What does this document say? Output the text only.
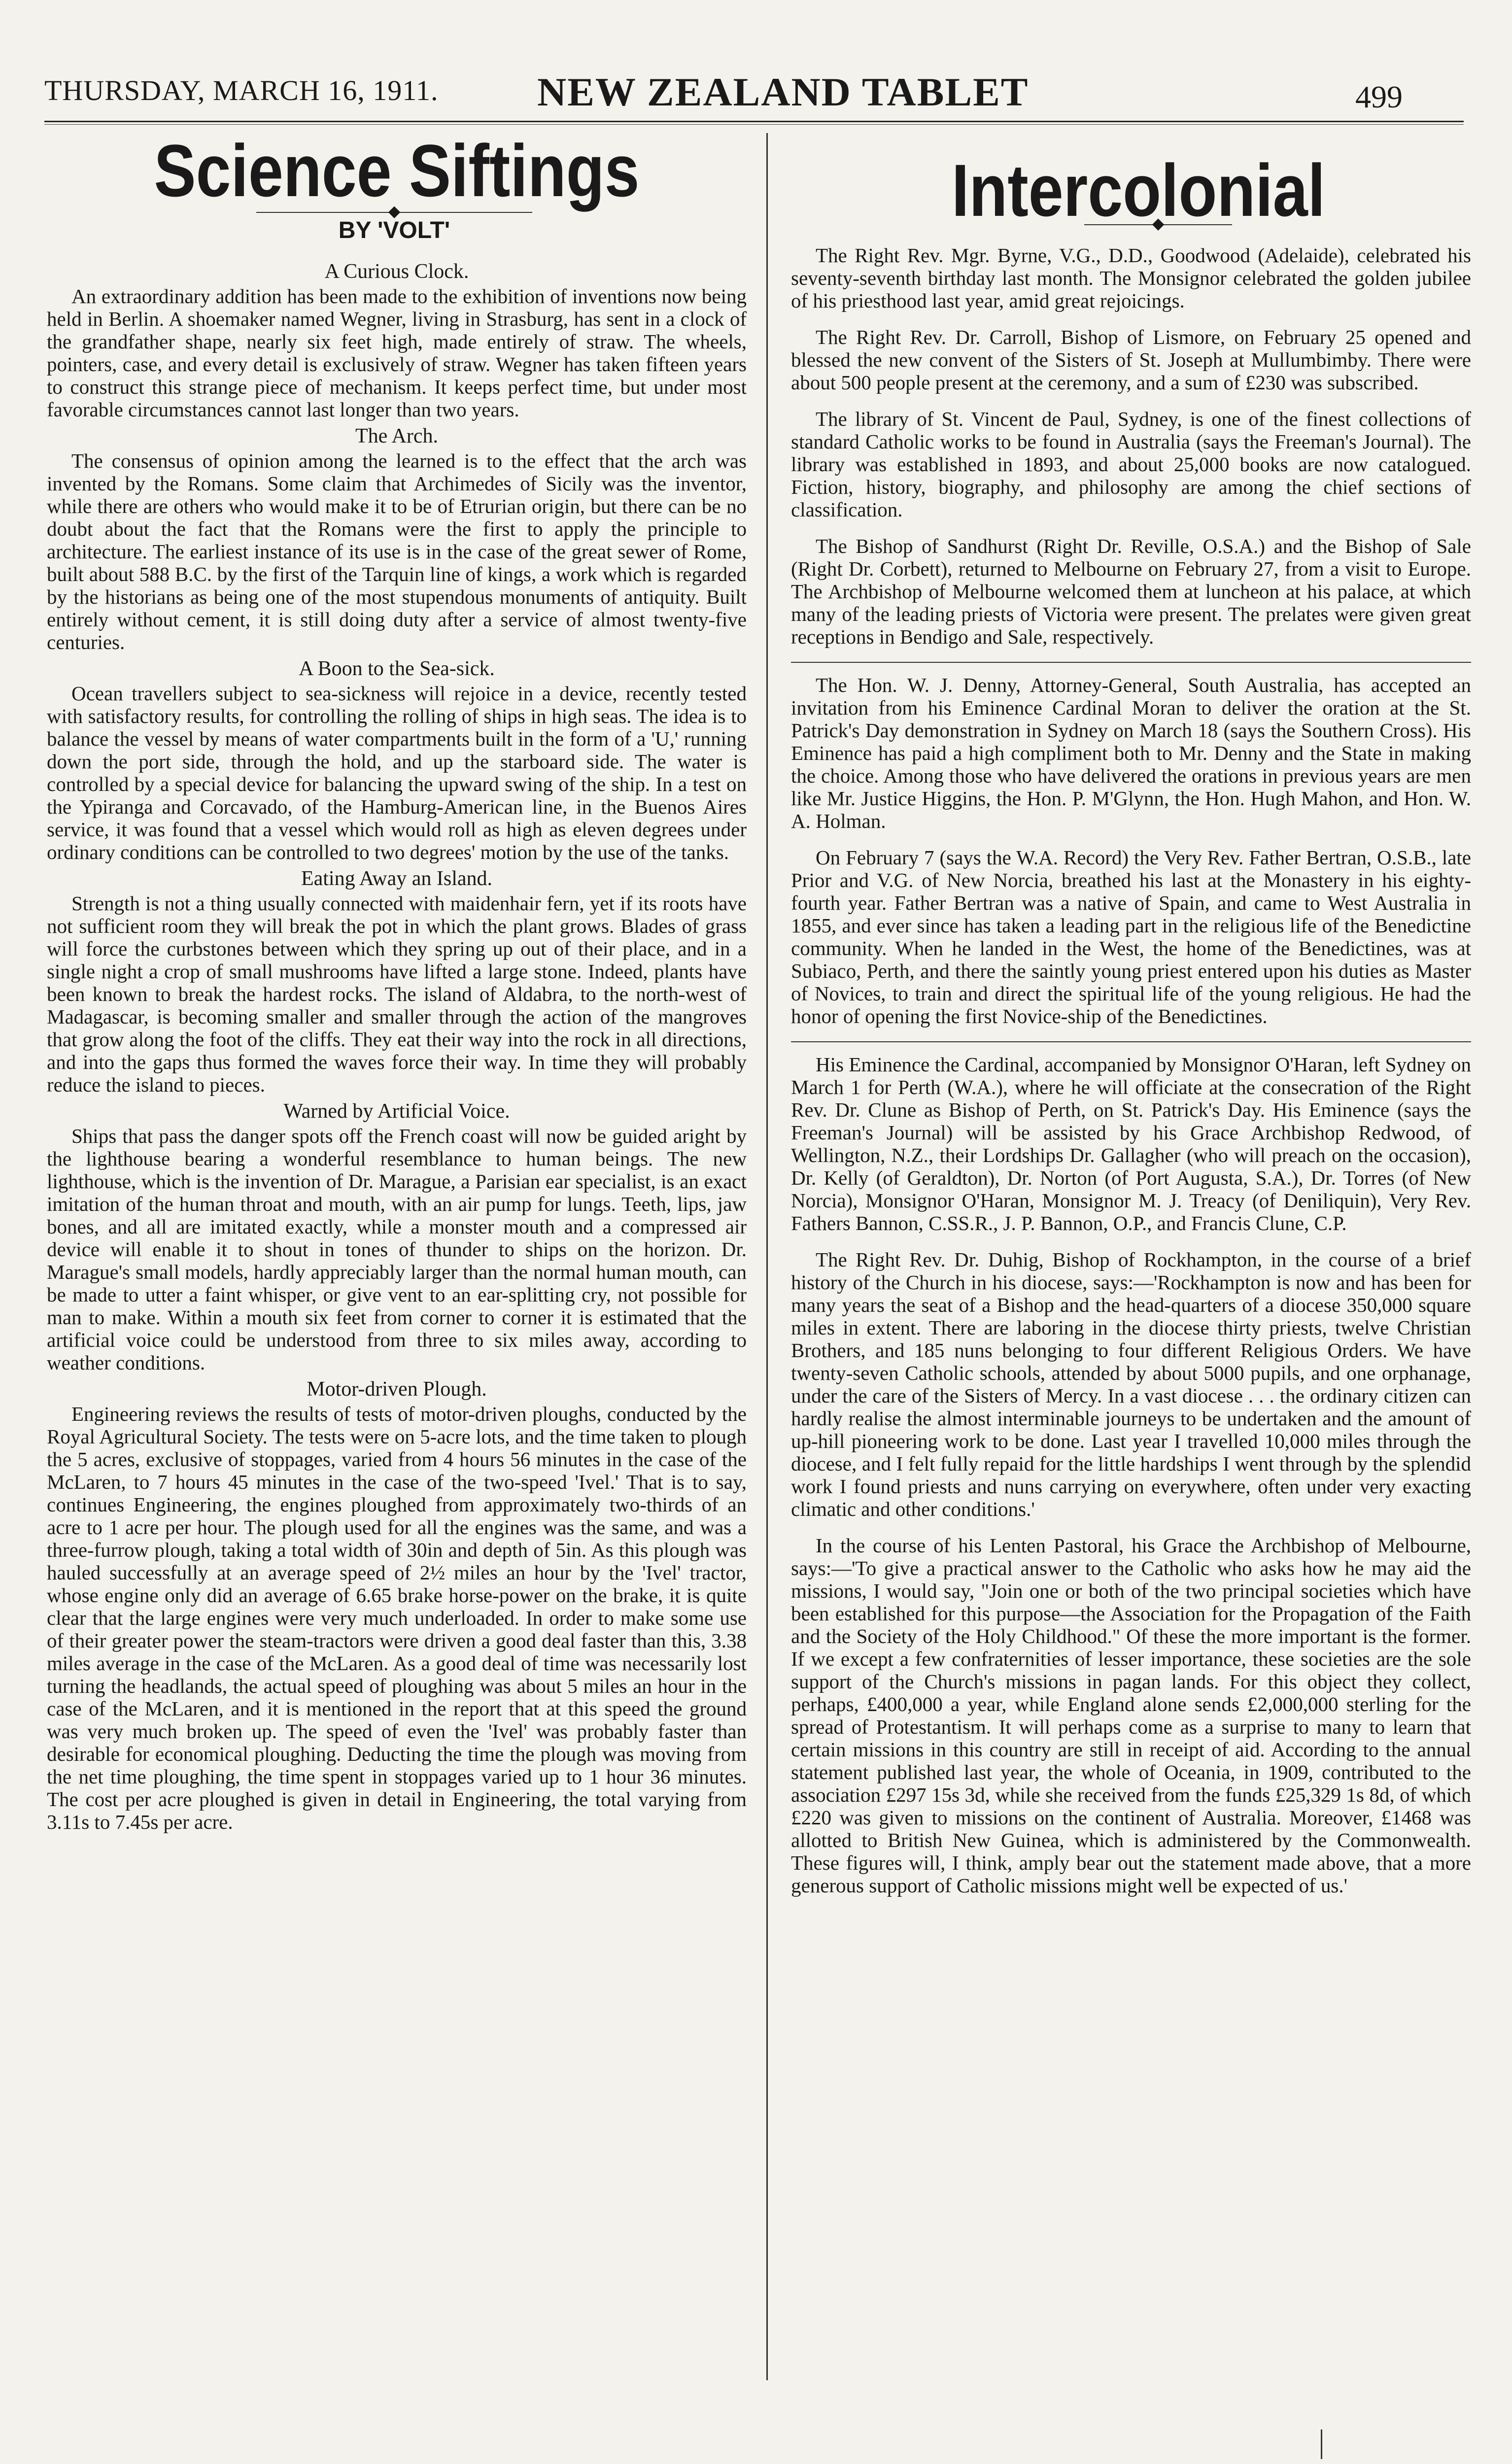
THURSDAY, MARCH 16, 1911. NEW ZEALAND TABLET	499
Science Siftings
◆
BY 'VOLT'

A Curious Clock.

An extraordinary addition has been made to the exhibition of inventions now being held in Berlin. A shoemaker named Wegner, living in Strasburg, has sent in a clock of the grandfather shape, nearly six feet high, made entirely of straw. The wheels, pointers, case, and every detail is exclusively of straw. Wegner has taken fifteen years to construct this strange piece of mechanism. It keeps perfect time, but under most favorable circumstances cannot last longer than two years.

The Arch.

The consensus of opinion among the learned is to the effect that the arch was invented by the Romans. Some claim that Archimedes of Sicily was the inventor, while there are others who would make it to be of Etrurian origin, but there can be no doubt about the fact that the Romans were the first to apply the principle to architecture. The earliest instance of its use is in the case of the great sewer of Rome, built about 588 B.C. by the first of the Tarquin line of kings, a work which is regarded by the historians as being one of the most stupendous monuments of antiquity. Built entirely without cement, it is still doing duty after a service of almost twenty-five centuries.

A Boon to the Sea-sick.

Ocean travellers subject to sea-sickness will rejoice in a device, recently tested with satisfactory results, for controlling the rolling of ships in high seas. The idea is to balance the vessel by means of water compartments built in the form of a 'U,' running down the port side, through the hold, and up the starboard side. The water is controlled by a special device for balancing the upward swing of the ship. In a test on the Ypiranga and Corcavado, of the Hamburg-American line, in the Buenos Aires service, it was found that a vessel which would roll as high as eleven degrees under ordinary conditions can be controlled to two degrees' motion by the use of the tanks.

Eating Away an Island.

Strength is not a thing usually connected with maidenhair fern, yet if its roots have not sufficient room they will break the pot in which the plant grows. Blades of grass will force the curbstones between which they spring up out of their place, and in a single night a crop of small mushrooms have lifted a large stone. Indeed, plants have been known to break the hardest rocks. The island of Aldabra, to the north-west of Madagascar, is becoming smaller and smaller through the action of the mangroves that grow along the foot of the cliffs. They eat their way into the rock in all directions, and into the gaps thus formed the waves force their way. In time they will probably reduce the island to pieces.

Warned by Artificial Voice.

Ships that pass the danger spots off the French coast will now be guided aright by the lighthouse bearing a wonderful resemblance to human beings. The new lighthouse, which is the invention of Dr. Marague, a Parisian ear specialist, is an exact imitation of the human throat and mouth, with an air pump for lungs. Teeth, lips, jaw bones, and all are imitated exactly, while a monster mouth and a compressed air device will enable it to shout in tones of thunder to ships on the horizon. Dr. Marague's small models, hardly appreciably larger than the normal human mouth, can be made to utter a faint whisper, or give vent to an ear-splitting cry, not possible for man to make. Within a mouth six feet from corner to corner it is estimated that the artificial voice could be understood from three to six miles away, according to weather conditions.

Motor-driven Plough.

Engineering reviews the results of tests of motor-driven ploughs, conducted by the Royal Agricultural Society. The tests were on 5-acre lots, and the time taken to plough the 5 acres, exclusive of stoppages, varied from 4 hours 56 minutes in the case of the McLaren, to 7 hours 45 minutes in the case of the two-speed 'Ivel.' That is to say, continues Engineering, the engines ploughed from approximately two-thirds of an acre to 1 acre per hour. The plough used for all the engines was the same, and was a three-furrow plough, taking a total width of 30in and depth of 5in. As this plough was hauled successfully at an average speed of 2½ miles an hour by the 'Ivel' tractor, whose engine only did an average of 6.65 brake horse-power on the brake, it is quite clear that the large engines were very much underloaded. In order to make some use of their greater power the steam-tractors were driven a good deal faster than this, 3.38 miles average in the case of the McLaren. As a good deal of time was necessarily lost turning the headlands, the actual speed of ploughing was about 5 miles an hour in the case of the McLaren, and it is mentioned in the report that at this speed the ground was very much broken up. The speed of even the 'Ivel' was probably faster than desirable for economical ploughing. Deducting the time the plough was moving from the net time ploughing, the time spent in stoppages varied up to 1 hour 36 minutes. The cost per acre ploughed is given in detail in Engineering, the total varying from 3.11s to 7.45s per acre.

Intercolonial
◆

The Right Rev. Mgr. Byrne, V.G., D.D., Goodwood (Adelaide), celebrated his seventy-seventh birthday last month. The Monsignor celebrated the golden jubilee of his priesthood last year, amid great rejoicings.

The Right Rev. Dr. Carroll, Bishop of Lismore, on February 25 opened and blessed the new convent of the Sisters of St. Joseph at Mullumbimby. There were about 500 people present at the ceremony, and a sum of £230 was subscribed.

The library of St. Vincent de Paul, Sydney, is one of the finest collections of standard Catholic works to be found in Australia (says the Freeman's Journal). The library was established in 1893, and about 25,000 books are now catalogued. Fiction, history, biography, and philosophy are among the chief sections of classification.

The Bishop of Sandhurst (Right Dr. Reville, O.S.A.) and the Bishop of Sale (Right Dr. Corbett), returned to Melbourne on February 27, from a visit to Europe. The Archbishop of Melbourne welcomed them at luncheon at his palace, at which many of the leading priests of Victoria were present. The prelates were given great receptions in Bendigo and Sale, respectively.

The Hon. W. J. Denny, Attorney-General, South Australia, has accepted an invitation from his Eminence Cardinal Moran to deliver the oration at the St. Patrick's Day demonstration in Sydney on March 18 (says the Southern Cross). His Eminence has paid a high compliment both to Mr. Denny and the State in making the choice. Among those who have delivered the orations in previous years are men like Mr. Justice Higgins, the Hon. P. M'Glynn, the Hon. Hugh Mahon, and Hon. W. A. Holman.

On February 7 (says the W.A. Record) the Very Rev. Father Bertran, O.S.B., late Prior and V.G. of New Norcia, breathed his last at the Monastery in his eighty-fourth year. Father Bertran was a native of Spain, and came to West Australia in 1855, and ever since has taken a leading part in the religious life of the Benedictine community. When he landed in the West, the home of the Benedictines, was at Subiaco, Perth, and there the saintly young priest entered upon his duties as Master of Novices, to train and direct the spiritual life of the young religious. He had the honor of opening the first Novice-ship of the Benedictines.

His Eminence the Cardinal, accompanied by Monsignor O'Haran, left Sydney on March 1 for Perth (W.A.), where he will officiate at the consecration of the Right Rev. Dr. Clune as Bishop of Perth, on St. Patrick's Day. His Eminence (says the Freeman's Journal) will be assisted by his Grace Archbishop Redwood, of Wellington, N.Z., their Lordships Dr. Gallagher (who will preach on the occasion), Dr. Kelly (of Geraldton), Dr. Norton (of Port Augusta, S.A.), Dr. Torres (of New Norcia), Monsignor O'Haran, Monsignor M. J. Treacy (of Deniliquin), Very Rev. Fathers Bannon, C.SS.R., J. P. Bannon, O.P., and Francis Clune, C.P.

The Right Rev. Dr. Duhig, Bishop of Rockhampton, in the course of a brief history of the Church in his diocese, says:—'Rockhampton is now and has been for many years the seat of a Bishop and the head-quarters of a diocese 350,000 square miles in extent. There are laboring in the diocese thirty priests, twelve Christian Brothers, and 185 nuns belonging to four different Religious Orders. We have twenty-seven Catholic schools, attended by about 5000 pupils, and one orphanage, under the care of the Sisters of Mercy. In a vast diocese . . . the ordinary citizen can hardly realise the almost interminable journeys to be undertaken and the amount of up-hill pioneering work to be done. Last year I travelled 10,000 miles through the diocese, and I felt fully repaid for the little hardships I went through by the splendid work I found priests and nuns carrying on everywhere, often under very exacting climatic and other conditions.'

In the course of his Lenten Pastoral, his Grace the Archbishop of Melbourne, says:—'To give a practical answer to the Catholic who asks how he may aid the missions, I would say, "Join one or both of the two principal societies which have been established for this purpose—the Association for the Propagation of the Faith and the Society of the Holy Childhood." Of these the more important is the former. If we except a few confraternities of lesser importance, these societies are the sole support of the Church's missions in pagan lands. For this object they collect, perhaps, £400,000 a year, while England alone sends £2,000,000 sterling for the spread of Protestantism. It will perhaps come as a surprise to many to learn that certain missions in this country are still in receipt of aid. According to the annual statement published last year, the whole of Oceania, in 1909, contributed to the association £297 15s 3d, while she received from the funds £25,329 1s 8d, of which £220 was given to missions on the continent of Australia. Moreover, £1468 was allotted to British New Guinea, which is administered by the Commonwealth. These figures will, I think, amply bear out the statement made above, that a more generous support of Catholic missions might well be expected of us.'
